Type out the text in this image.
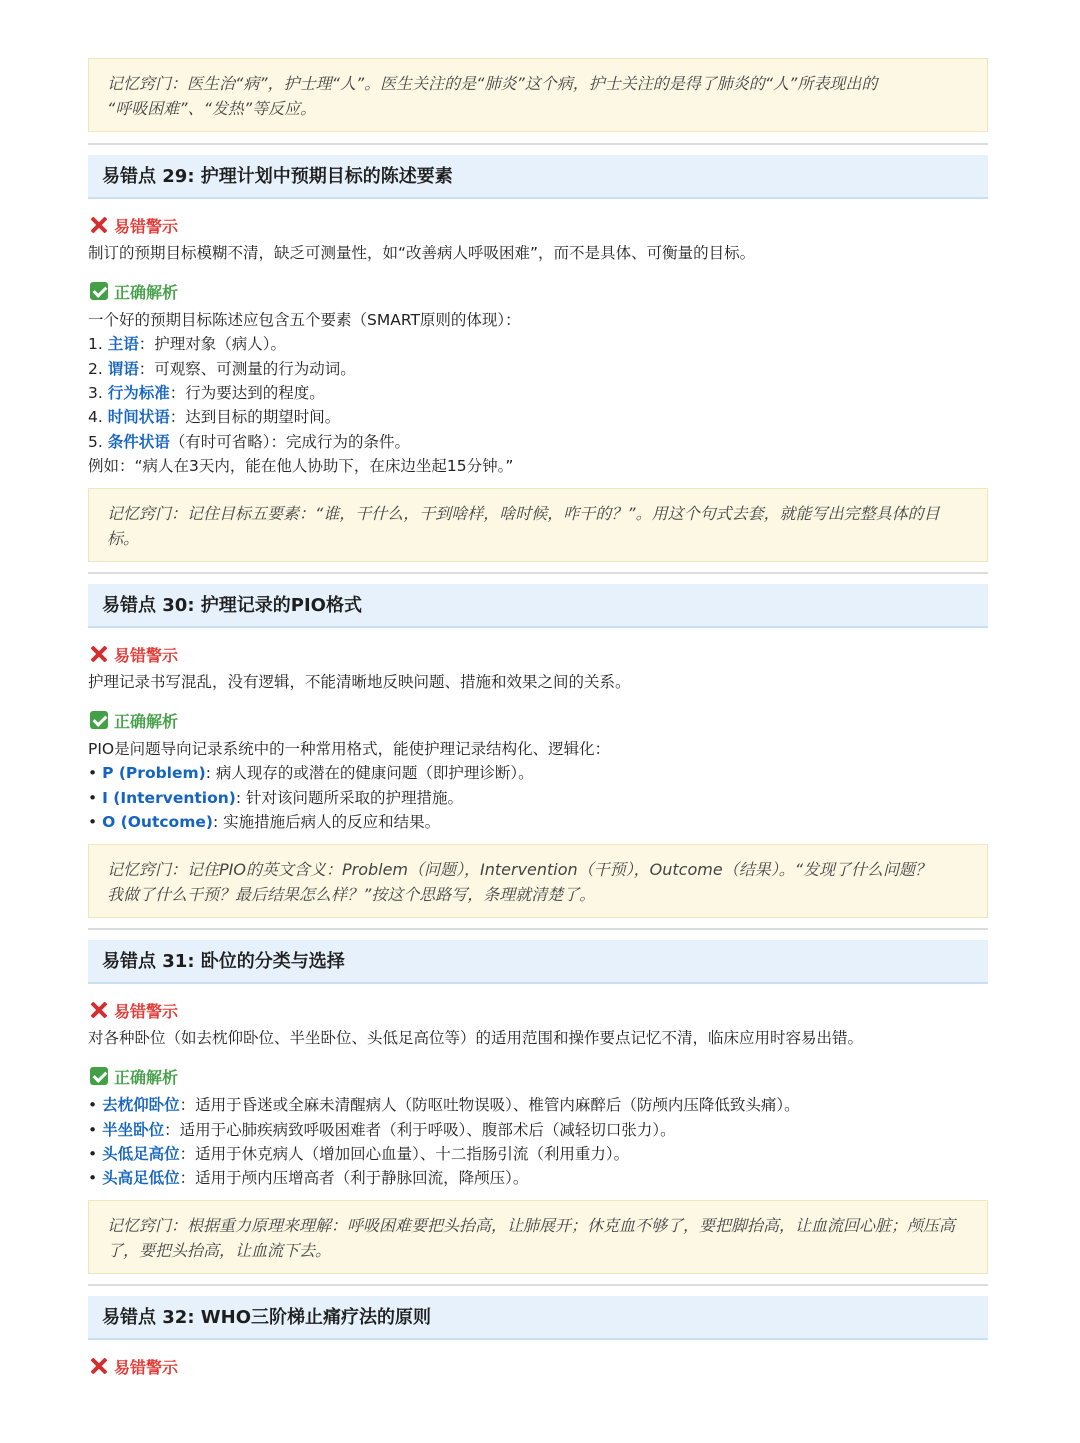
记忆窍门：医生治“病”，护士理“人”。医生关注的是“肺炎”这个病，护士关注的是得了肺炎的“人”所表现出的
“呼吸困难”、“发热”等反应。
易错点 29: 护理计划中预期目标的陈述要素
易错警示
制订的预期目标模糊不清，缺乏可测量性，如“改善病人呼吸困难”，而不是具体、可衡量的目标。
正确解析
一个好的预期目标陈述应包含五个要素（SMART原则的体现）：
1. 主语：护理对象（病人）。
2. 谓语：可观察、可测量的行为动词。
3. 行为标准：行为要达到的程度。
4. 时间状语：达到目标的期望时间。
5. 条件状语（有时可省略）：完成行为的条件。
例如：“病人在3天内，能在他人协助下，在床边坐起15分钟。”
记忆窍门：记住目标五要素：“谁，干什么，干到啥样，啥时候，咋干的？”。用这个句式去套，就能写出完整具体的目
标。
易错点 30: 护理记录的PIO格式
易错警示
护理记录书写混乱，没有逻辑，不能清晰地反映问题、措施和效果之间的关系。
正确解析
PIO是问题导向记录系统中的一种常用格式，能使护理记录结构化、逻辑化：
• P (Problem): 病人现存的或潜在的健康问题（即护理诊断）。
• I (Intervention): 针对该问题所采取的护理措施。
• O (Outcome): 实施措施后病人的反应和结果。
记忆窍门：记住PIO的英文含义：Problem（问题），Intervention（干预），Outcome（结果）。“发现了什么问题？
我做了什么干预？最后结果怎么样？”按这个思路写，条理就清楚了。
易错点 31: 卧位的分类与选择
易错警示
对各种卧位（如去枕仰卧位、半坐卧位、头低足高位等）的适用范围和操作要点记忆不清，临床应用时容易出错。
正确解析
• 去枕仰卧位：适用于昏迷或全麻未清醒病人（防呕吐物误吸）、椎管内麻醉后（防颅内压降低致头痛）。
• 半坐卧位：适用于心肺疾病致呼吸困难者（利于呼吸）、腹部术后（减轻切口张力）。
• 头低足高位：适用于休克病人（增加回心血量）、十二指肠引流（利用重力）。
• 头高足低位：适用于颅内压增高者（利于静脉回流，降颅压）。
记忆窍门：根据重力原理来理解：呼吸困难要把头抬高，让肺展开；休克血不够了，要把脚抬高，让血流回心脏；颅压高
了，要把头抬高，让血流下去。
易错点 32: WHO三阶梯止痛疗法的原则
易错警示
